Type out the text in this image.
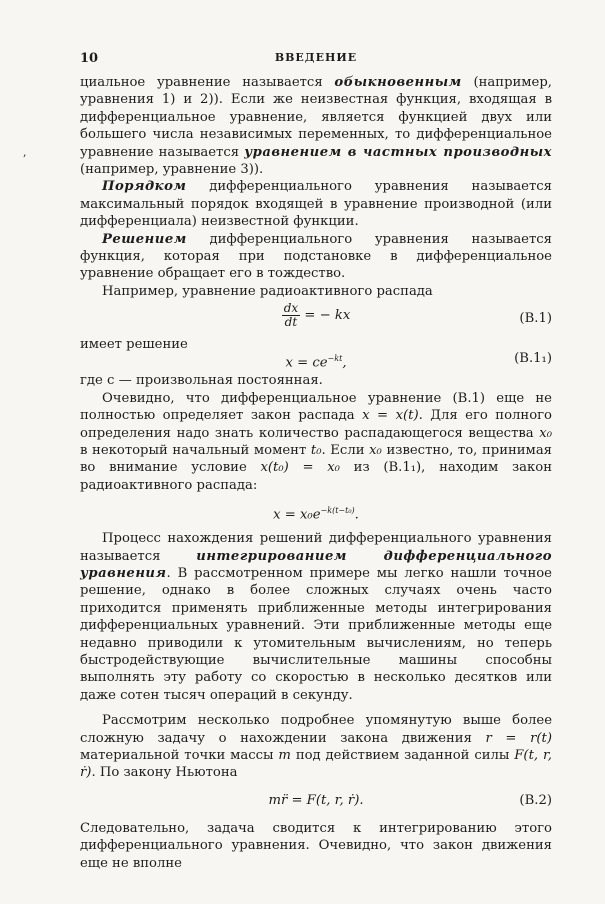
,
10	ВВЕДЕНИЕ

циальное уравнение называется обыкновенным (например, уравнения 1) и 2)). Если же неизвестная функция, входящая в дифференциальное уравнение, является функцией двух или большего числа независимых переменных, то дифференциальное уравнение называется уравнением в частных производных (например, уравнение 3)).

Порядком дифференциального уравнения называется максимальный порядок входящей в уравнение производной (или дифференциала) неизвестной функции.

Решением дифференциального уравнения называется функция, которая при подстановке в дифференциальное уравнение обращает его в тождество.

Например, уравнение радиоактивного распада

$\frac{dx}{dt}$ = − kx	(B.1)
имеет решение
$x = ce^{-kt}$,	(B.1₁)

где c — произвольная постоянная.

Очевидно, что дифференциальное уравнение (В.1) еще не полностью определяет закон распада x = x(t). Для его полного определения надо знать количество распадающегося вещества x₀ в некоторый начальный момент t₀. Если x₀ известно, то, принимая во внимание условие x(t₀) = x₀ из (В.1₁), находим закон радиоактивного распада:

$x = x_0e^{-k(t-t_0)}$.

Процесс нахождения решений дифференциального уравнения называется интегрированием дифференциального уравнения. В рассмотренном примере мы легко нашли точное решение, однако в более сложных случаях очень часто приходится применять приближенные методы интегрирования дифференциальных уравнений. Эти приближенные методы еще недавно приводили к утомительным вычислениям, но теперь быстродействующие вычислительные машины способны выполнять эту работу со скоростью в несколько десятков или даже сотен тысяч операций в секунду.

Рассмотрим несколько подробнее упомянутую выше более сложную задачу о нахождении закона движения r = r(t) материальной точки массы m под действием заданной силы F(t, r, ṙ). По закону Ньютона

mr̈ = F(t, r, ṙ).	(B.2)

Следовательно, задача сводится к интегрированию этого дифференциального уравнения. Очевидно, что закон движения еще не вполне
